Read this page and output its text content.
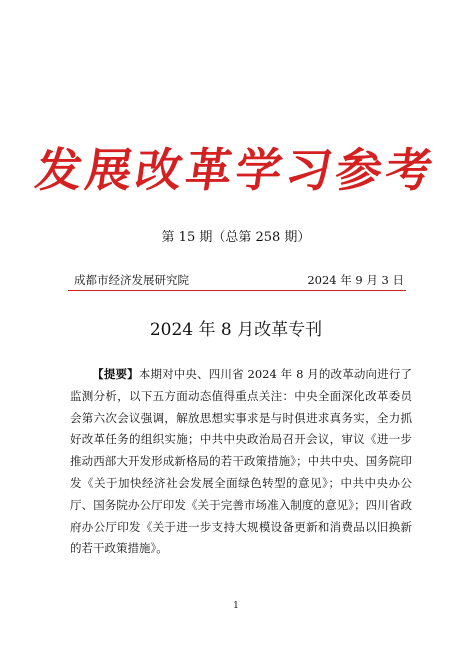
发展改革学习参考
第 15 期（总第 258 期）
成都市经济发展研究院	2024 年 9 月 3 日
2024 年 8 月改革专刊
【提要】本期对中央、四川省 2024 年 8 月的改革动向进行了监测分析，以下五方面动态值得重点关注：中央全面深化改革委员会第六次会议强调，解放思想实事求是与时俱进求真务实，全力抓好改革任务的组织实施；中共中央政治局召开会议，审议《进一步推动西部大开发形成新格局的若干政策措施》；中共中央、国务院印发《关于加快经济社会发展全面绿色转型的意见》；中共中央办公厅、国务院办公厅印发《关于完善市场准入制度的意见》；四川省政府办公厅印发《关于进一步支持大规模设备更新和消费品以旧换新的若干政策措施》。
1
